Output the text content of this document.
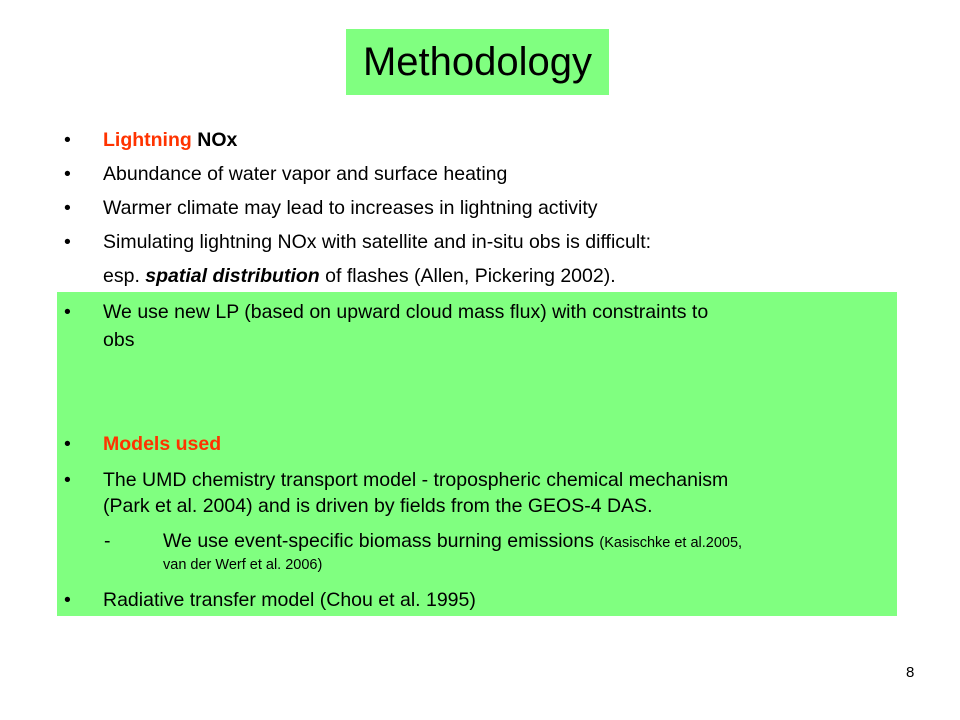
Methodology
• Lightning NOx
• Abundance of water vapor and surface heating
• Warmer climate may lead to increases in lightning activity
• Simulating lightning NOx with satellite and in-situ obs is difficult:
esp. spatial distribution of flashes (Allen, Pickering 2002).
• We use new LP (based on upward cloud mass flux) with constraints to
obs
• Models used
• The UMD chemistry transport model - tropospheric chemical mechanism
(Park et al. 2004) and is driven by fields from the GEOS-4 DAS.
-	We use event-specific biomass burning emissions (Kasischke et al.2005,
van der Werf et al. 2006)
• Radiative transfer model (Chou et al. 1995)
8
